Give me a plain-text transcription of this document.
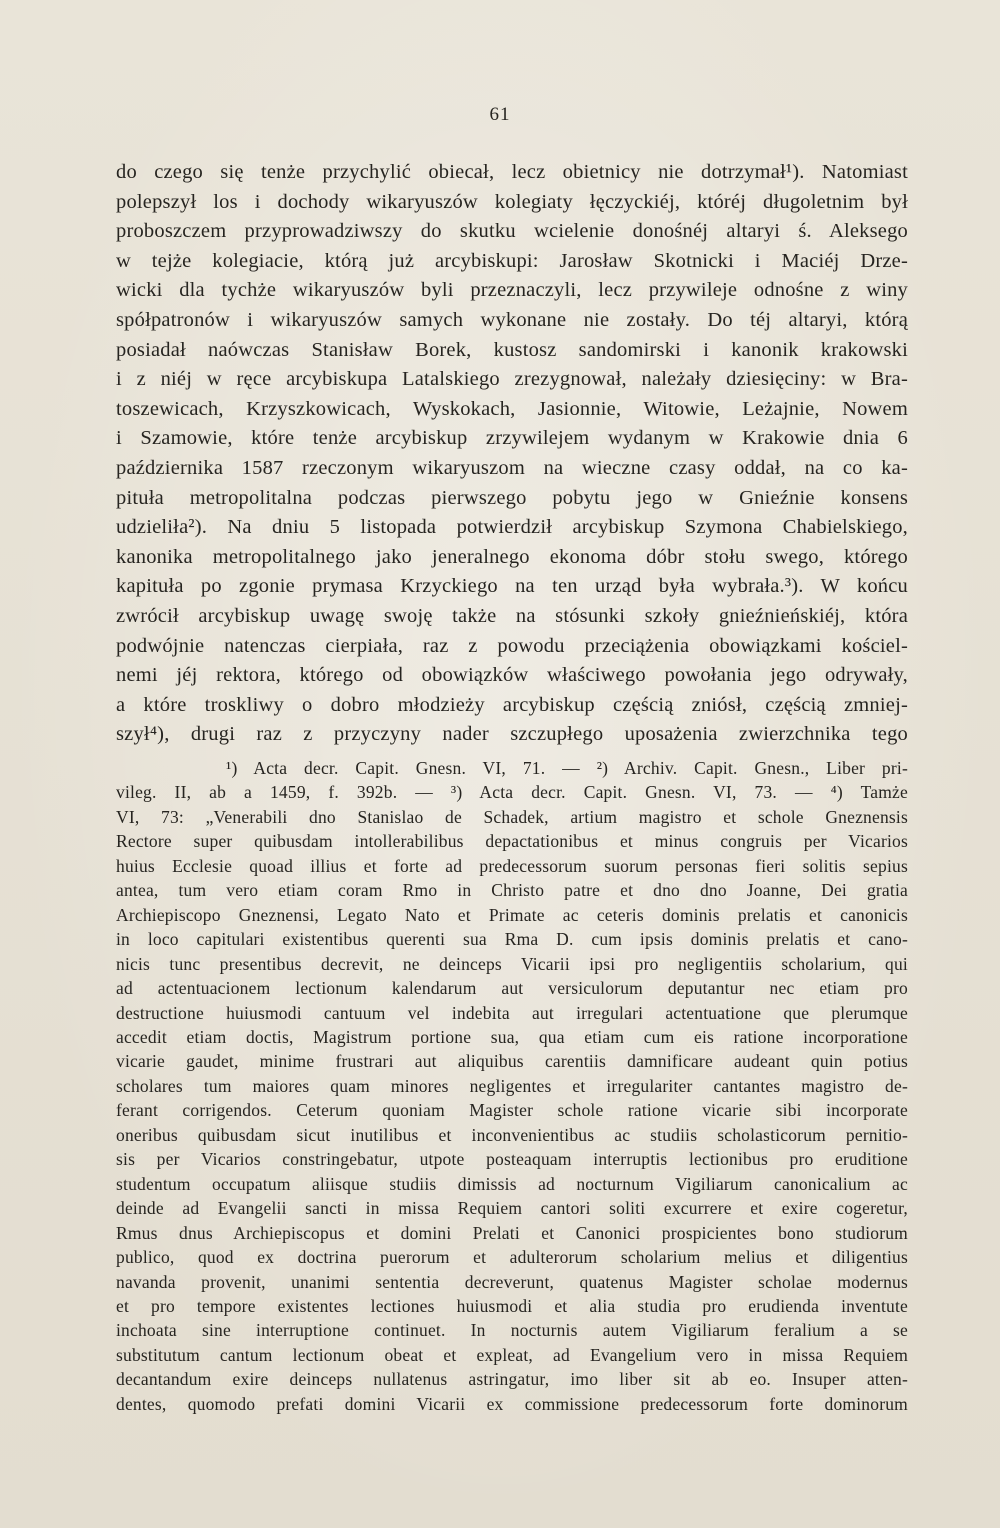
61
do czego się tenże przychylić obiecał, lecz obietnicy nie dotrzymał¹). Natomiast
polepszył los i dochody wikaryuszów kolegiaty łęczyckiéj, któréj długoletnim był
proboszczem przyprowadziwszy do skutku wcielenie donośnéj altaryi ś. Aleksego
w tejże kolegiacie, którą już arcybiskupi: Jarosław Skotnicki i Maciéj Drze-
wicki dla tychże wikaryuszów byli przeznaczyli, lecz przywileje odnośne z winy
spółpatronów i wikaryuszów samych wykonane nie zostały. Do téj altaryi, którą
posiadał naówczas Stanisław Borek, kustosz sandomirski i kanonik krakowski
i z niéj w ręce arcybiskupa Latalskiego zrezygnował, należały dziesięciny: w Bra-
toszewicach, Krzyszkowicach, Wyskokach, Jasionnie, Witowie, Leżajnie, Nowem
i Szamowie, które tenże arcybiskup zrzywilejem wydanym w Krakowie dnia 6
października 1587 rzeczonym wikaryuszom na wieczne czasy oddał, na co ka-
pituła metropolitalna podczas pierwszego pobytu jego w Gnieźnie konsens
udzieliła²). Na dniu 5 listopada potwierdził arcybiskup Szymona Chabielskiego,
kanonika metropolitalnego jako jeneralnego ekonoma dóbr stołu swego, którego
kapituła po zgonie prymasa Krzyckiego na ten urząd była wybrała.³). W końcu
zwrócił arcybiskup uwagę swoję także na stósunki szkoły gnieźnieńskiéj, która
podwójnie natenczas cierpiała, raz z powodu przeciążenia obowiązkami kościel-
nemi jéj rektora, którego od obowiązków właściwego powołania jego odrywały,
a które troskliwy o dobro młodzieży arcybiskup częścią zniósł, częścią zmniej-
szył⁴), drugi raz z przyczyny nader szczupłego uposażenia zwierzchnika tego
¹) Acta decr. Capit. Gnesn. VI, 71. — ²) Archiv. Capit. Gnesn., Liber pri-
vileg. II, ab a 1459, f. 392b. — ³) Acta decr. Capit. Gnesn. VI, 73. — ⁴) Tamże
VI, 73: „Venerabili dno Stanislao de Schadek, artium magistro et schole Gneznensis
Rectore super quibusdam intollerabilibus depactationibus et minus congruis per Vicarios
huius Ecclesie quoad illius et forte ad predecessorum suorum personas fieri solitis sepius
antea, tum vero etiam coram Rmo in Christo patre et dno dno Joanne, Dei gratia
Archiepiscopo Gneznensi, Legato Nato et Primate ac ceteris dominis prelatis et canonicis
in loco capitulari existentibus querenti sua Rma D. cum ipsis dominis prelatis et cano-
nicis tunc presentibus decrevit, ne deinceps Vicarii ipsi pro negligentiis scholarium, qui
ad actentuacionem lectionum kalendarum aut versiculorum deputantur nec etiam pro
destructione huiusmodi cantuum vel indebita aut irregulari actentuatione que plerumque
accedit etiam doctis, Magistrum portione sua, qua etiam cum eis ratione incorporatione
vicarie gaudet, minime frustrari aut aliquibus carentiis damnificare audeant quin potius
scholares tum maiores quam minores negligentes et irregulariter cantantes magistro de-
ferant corrigendos. Ceterum quoniam Magister schole ratione vicarie sibi incorporate
oneribus quibusdam sicut inutilibus et inconvenientibus ac studiis scholasticorum pernitio-
sis per Vicarios constringebatur, utpote posteaquam interruptis lectionibus pro eruditione
studentum occupatum aliisque studiis dimissis ad nocturnum Vigiliarum canonicalium ac
deinde ad Evangelii sancti in missa Requiem cantori soliti excurrere et exire cogeretur,
Rmus dnus Archiepiscopus et domini Prelati et Canonici prospicientes bono studiorum
publico, quod ex doctrina puerorum et adulterorum scholarium melius et diligentius
navanda provenit, unanimi sententia decreverunt, quatenus Magister scholae modernus
et pro tempore existentes lectiones huiusmodi et alia studia pro erudienda inventute
inchoata sine interruptione continuet. In nocturnis autem Vigiliarum feralium a se
substitutum cantum lectionum obeat et expleat, ad Evangelium vero in missa Requiem
decantandum exire deinceps nullatenus astringatur, imo liber sit ab eo. Insuper atten-
dentes, quomodo prefati domini Vicarii ex commissione predecessorum forte dominorum
